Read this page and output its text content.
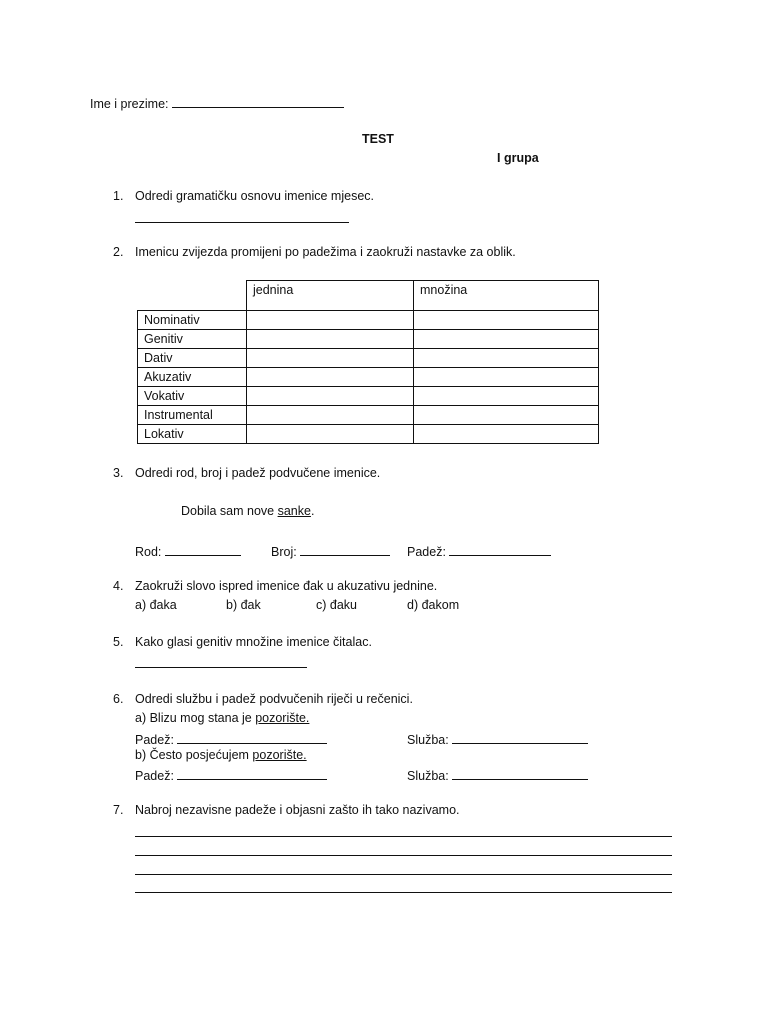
Ime i prezime:
TEST
I grupa
1. Odredi gramatičku osnovu imenice mjesec.
2. Imenicu zvijezda promijeni po padežima i zaokruži nastavke za oblik.
	jednina	množina
Nominativ		
Genitiv		
Dativ		
Akuzativ		
Vokativ		
Instrumental		
Lokativ		
3. Odredi rod, broj i padež podvučene imenice.
Dobila sam nove sanke.
Rod:	Broj:	Padež:
4. Zaokruži slovo ispred imenice đak u akuzativu jednine.
a) đaka	b) đak	c) đaku	d) đakom
5. Kako glasi genitiv množine imenice čitalac.
6. Odredi službu i padež podvučenih riječi u rečenici.
a) Blizu mog stana je pozorište.
Padež:	Služba:
b) Često posjećujem pozorište.
Padež:	Služba:
7. Nabroj nezavisne padeže i objasni zašto ih tako nazivamo.
